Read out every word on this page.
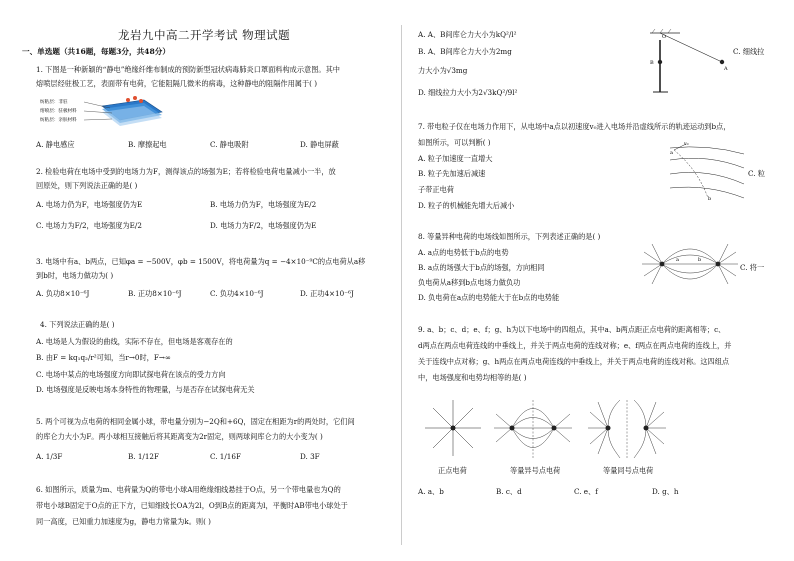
龙岩九中高二开学考试 物理试题
一、单选题（共16题，每题3分，共48分）
1. 下图是一种新颖的“静电”绝缘纤维布制成的预防新型冠状病毒肺炎口罩面料构成示意图。其中
熔喷层经驻极工艺，表面带有电荷，它能阻隔几微米的病毒，这种静电的阻隔作用属于( )
纺粘层：非驻
熔喷层：驻极材料
纺粘层：亲肤材料
A. 静电感应	B. 摩擦起电	C. 静电吸附	D. 静电屏蔽
2. 检验电荷在电场中受到的电场力为F，测得该点的场强为E；若将检验电荷电量减小一半，放
回原处，则下列说法正确的是( )
A. 电场力仍为F，电场强度仍为E	B. 电场力仍为F，电场强度为E/2
C. 电场力为F/2，电场强度为E/2	D. 电场力为F/2，电场强度仍为E
3. 电场中有a、b两点，已知φa = −500V，φb = 1500V，将电荷量为q = −4×10⁻⁹C的点电荷从a移
到b时，电场力做功为( )
A. 负功8×10⁻⁶J	B. 正功8×10⁻⁶J	C. 负功4×10⁻⁶J	D. 正功4×10⁻⁶J
4. 下列说法正确的是( )
A. 电场是人为假设的曲线，实际不存在，但电场是客观存在的
B. 由F = kq₁q₂/r²可知，当r→0时，F→∞
C. 电场中某点的电场强度方向即试探电荷在该点的受力方向
D. 电场强度是反映电场本身特性的物理量，与是否存在试探电荷无关
5. 两个可视为点电荷的相同金属小球，带电量分别为−2Q和+6Q，固定在相距为r的两处时，它们间
的库仑力大小为F。两小球相互接触后将其距离变为2r固定，则两球间库仑力的大小变为( )
A. 1/3F	B. 1/12F	C. 1/16F	D. 3F
6. 如图所示，质量为m、电荷量为Q的带电小球A用绝缘细线悬挂于O点，另一个带电量也为Q的
带电小球B固定于O点的正下方，已知细线长OA为2l，O到B点的距离为l，平衡时AB带电小球处于
同一高度，已知重力加速度为g，静电力常量为k。则( )
A. A、B间库仑力大小为kQ²/l²
B. A、B间库仑力大小为2mg
力大小为√3mg
D. 细线拉力大小为2√3kQ²/9l²
C. 细线拉
O
A
B
7. 带电粒子仅在电场力作用下，从电场中a点以初速度v₀进入电场并沿虚线所示的轨迹运动到b点，
如图所示，可以判断( )
A. 粒子加速度一直增大
B. 粒子先加速后减速
子带正电荷
D. 粒子的机械能先增大后减小
C. 粒
a
b
v₀
8. 等量异种电荷的电场线如图所示，下列表述正确的是( )
A. a点的电势低于b点的电势
B. a点的场强大于b点的场强，方向相同
负电荷从a移到b点电场力做负功
D. 负电荷在a点的电势能大于在b点的电势能
C. 将一
a	b
9. a、b；c、d；e、f；g、h为以下电场中的四组点，其中a、b两点距正点电荷的距离相等；c、
d两点在两点电荷连线的中垂线上，并关于两点电荷的连线对称；e、f两点在两点电荷的连线上，并
关于连线中点对称；g、h两点在两点电荷连线的中垂线上，并关于两点电荷的连线对称。这四组点
中，电场强度和电势均相等的是( )
正点电荷	等量异号点电荷	等量同号点电荷
A. a、b	B. c、d	C. e、f	D. g、h
